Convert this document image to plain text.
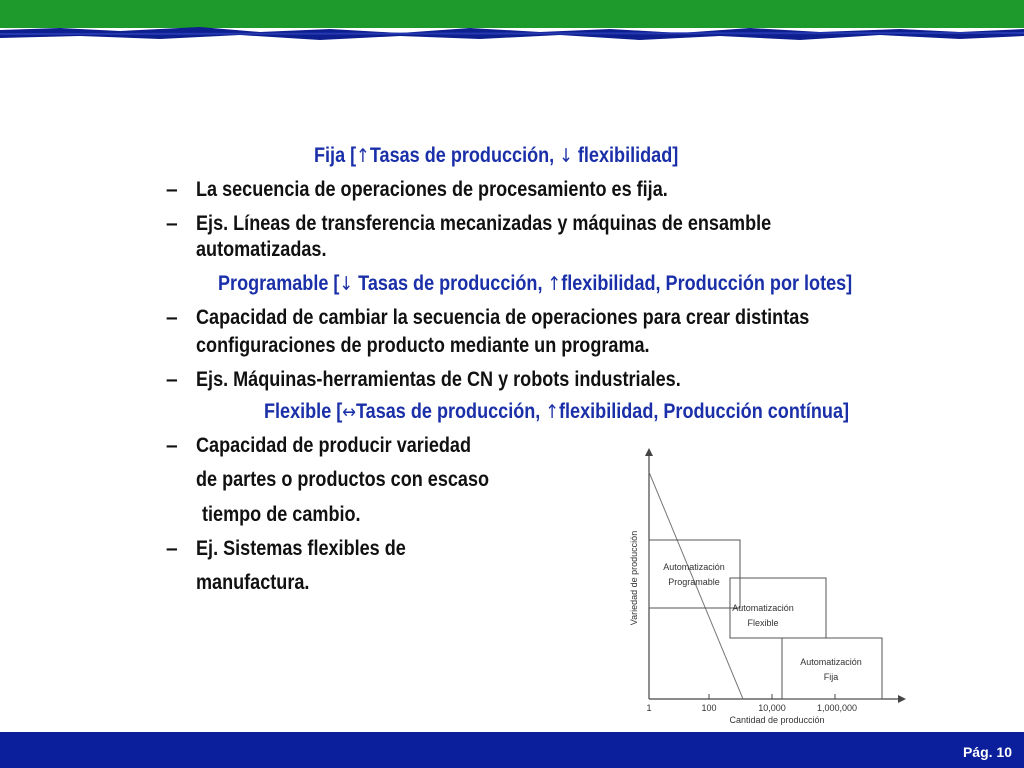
Fija [↑Tasas de producción, ↓ flexibilidad]
– La secuencia de operaciones de procesamiento es fija.
– Ejs. Líneas de transferencia mecanizadas y máquinas de ensamble
automatizadas.
Programable [↓ Tasas de producción, ↑flexibilidad, Producción por lotes]
– Capacidad de cambiar la secuencia de operaciones para crear distintas
configuraciones de producto mediante un programa.
– Ejs. Máquinas-herramientas de CN y robots industriales.
Flexible [↔Tasas de producción, ↑flexibilidad, Producción contínua]
– Capacidad de producir variedad
de partes o productos con escaso
tiempo de cambio.
– Ej. Sistemas flexibles de
manufactura.
Automatización
Programable
Automatización
Flexible
Automatización
Fija
1	100	10,000	1,000,000
Cantidad de producción
Variedad de producción
Pág. 10
